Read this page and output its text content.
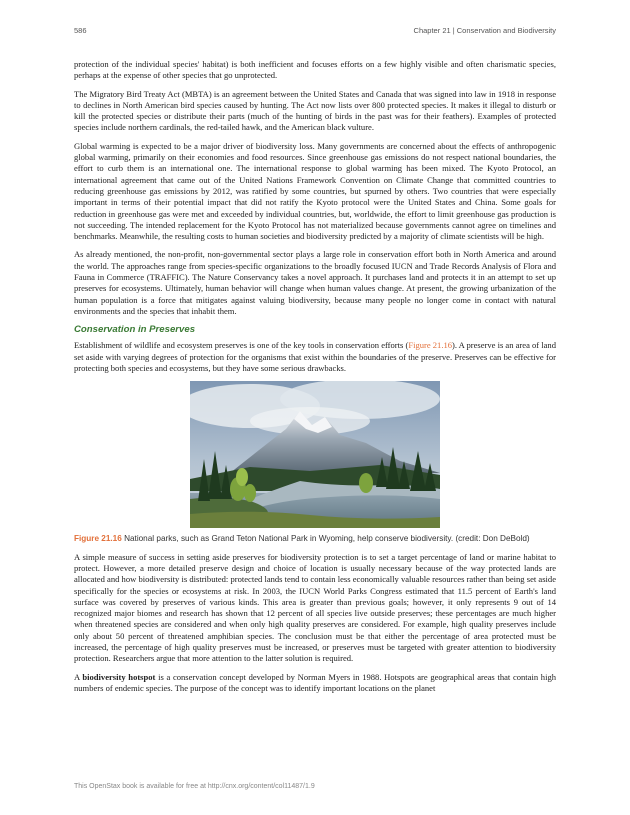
586	Chapter 21 | Conservation and Biodiversity

protection of the individual species' habitat) is both inefficient and focuses efforts on a few highly visible and often charismatic species, perhaps at the expense of other species that go unprotected.

The Migratory Bird Treaty Act (MBTA) is an agreement between the United States and Canada that was signed into law in 1918 in response to declines in North American bird species caused by hunting. The Act now lists over 800 protected species. It makes it illegal to disturb or kill the protected species or distribute their parts (much of the hunting of birds in the past was for their feathers). Examples of protected species include northern cardinals, the red-tailed hawk, and the American black vulture.

Global warming is expected to be a major driver of biodiversity loss. Many governments are concerned about the effects of anthropogenic global warming, primarily on their economies and food resources. Since greenhouse gas emissions do not respect national boundaries, the effort to curb them is an international one. The international response to global warming has been mixed. The Kyoto Protocol, an international agreement that came out of the United Nations Framework Convention on Climate Change that committed countries to reducing greenhouse gas emissions by 2012, was ratified by some countries, but spurned by others. Two countries that were especially important in terms of their potential impact that did not ratify the Kyoto protocol were the United States and China. Some goals for reduction in greenhouse gas were met and exceeded by individual countries, but, worldwide, the effort to limit greenhouse gas production is not succeeding. The intended replacement for the Kyoto Protocol has not materialized because governments cannot agree on timelines and benchmarks. Meanwhile, the resulting costs to human societies and biodiversity predicted by a majority of climate scientists will be high.

As already mentioned, the non-profit, non-governmental sector plays a large role in conservation effort both in North America and around the world. The approaches range from species-specific organizations to the broadly focused IUCN and Trade Records Analysis of Flora and Fauna in Commerce (TRAFFIC). The Nature Conservancy takes a novel approach. It purchases land and protects it in an attempt to set up preserves for ecosystems. Ultimately, human behavior will change when human values change. At present, the growing urbanization of the human population is a force that mitigates against valuing biodiversity, because many people no longer come in contact with natural environments and the species that inhabit them.

Conservation in Preserves

Establishment of wildlife and ecosystem preserves is one of the key tools in conservation efforts (Figure 21.16). A preserve is an area of land set aside with varying degrees of protection for the organisms that exist within the boundaries of the preserve. Preserves can be effective for protecting both species and ecosystems, but they have some serious drawbacks.

Figure 21.16 National parks, such as Grand Teton National Park in Wyoming, help conserve biodiversity. (credit: Don DeBold)

A simple measure of success in setting aside preserves for biodiversity protection is to set a target percentage of land or marine habitat to protect. However, a more detailed preserve design and choice of location is usually necessary because of the way protected lands are allocated and how biodiversity is distributed: protected lands tend to contain less economically valuable resources rather than being set aside specifically for the species or ecosystems at risk. In 2003, the IUCN World Parks Congress estimated that 11.5 percent of Earth's land surface was covered by preserves of various kinds. This area is greater than previous goals; however, it only represents 9 out of 14 recognized major biomes and research has shown that 12 percent of all species live outside preserves; these percentages are much higher when threatened species are considered and when only high quality preserves are considered. For example, high quality preserves include only about 50 percent of threatened amphibian species. The conclusion must be that either the percentage of area protected must be increased, the percentage of high quality preserves must be increased, or preserves must be targeted with greater attention to biodiversity protection. Researchers argue that more attention to the latter solution is required.

A biodiversity hotspot is a conservation concept developed by Norman Myers in 1988. Hotspots are geographical areas that contain high numbers of endemic species. The purpose of the concept was to identify important locations on the planet

This OpenStax book is available for free at http://cnx.org/content/col11487/1.9
